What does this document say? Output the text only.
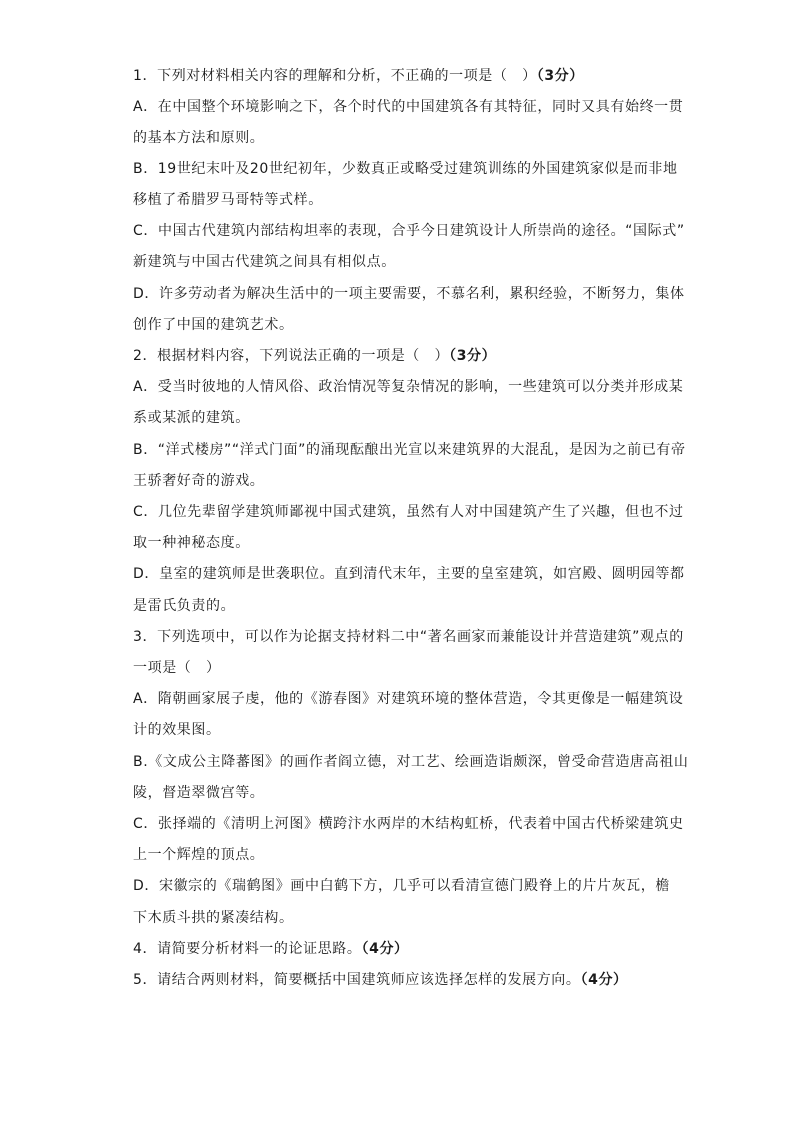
1．下列对材料相关内容的理解和分析，不正确的一项是（　）（3分）
A．在中国整个环境影响之下，各个时代的中国建筑各有其特征，同时又具有始终一贯
的基本方法和原则。
B．19世纪末叶及20世纪初年，少数真正或略受过建筑训练的外国建筑家似是而非地
移植了希腊罗马哥特等式样。
C．中国古代建筑内部结构坦率的表现，合乎今日建筑设计人所崇尚的途径。“国际式”
新建筑与中国古代建筑之间具有相似点。
D．许多劳动者为解决生活中的一项主要需要，不慕名利，累积经验，不断努力，集体
创作了中国的建筑艺术。
2．根据材料内容，下列说法正确的一项是（　）（3分）
A．受当时彼地的人情风俗、政治情况等复杂情况的影响，一些建筑可以分类并形成某
系或某派的建筑。
B．“洋式楼房”“洋式门面”的涌现酝酿出光宣以来建筑界的大混乱，是因为之前已有帝
王骄奢好奇的游戏。
C．几位先辈留学建筑师鄙视中国式建筑，虽然有人对中国建筑产生了兴趣，但也不过
取一种神秘态度。
D．皇室的建筑师是世袭职位。直到清代末年，主要的皇室建筑，如宫殿、圆明园等都
是雷氏负责的。
3．下列选项中，可以作为论据支持材料二中“著名画家而兼能设计并营造建筑”观点的
一项是（　）
A．隋朝画家展子虔，他的《游春图》对建筑环境的整体营造，令其更像是一幅建筑设
计的效果图。
B.《文成公主降蕃图》的画作者阎立德，对工艺、绘画造诣颇深，曾受命营造唐高祖山
陵，督造翠微宫等。
C．张择端的《清明上河图》横跨汴水两岸的木结构虹桥，代表着中国古代桥梁建筑史
上一个辉煌的顶点。
D．宋徽宗的《瑞鹤图》画中白鹤下方，几乎可以看清宣德门殿脊上的片片灰瓦，檐
下木质斗拱的紧凑结构。
4．请简要分析材料一的论证思路。（4分）
5．请结合两则材料，简要概括中国建筑师应该选择怎样的发展方向。（4分）
